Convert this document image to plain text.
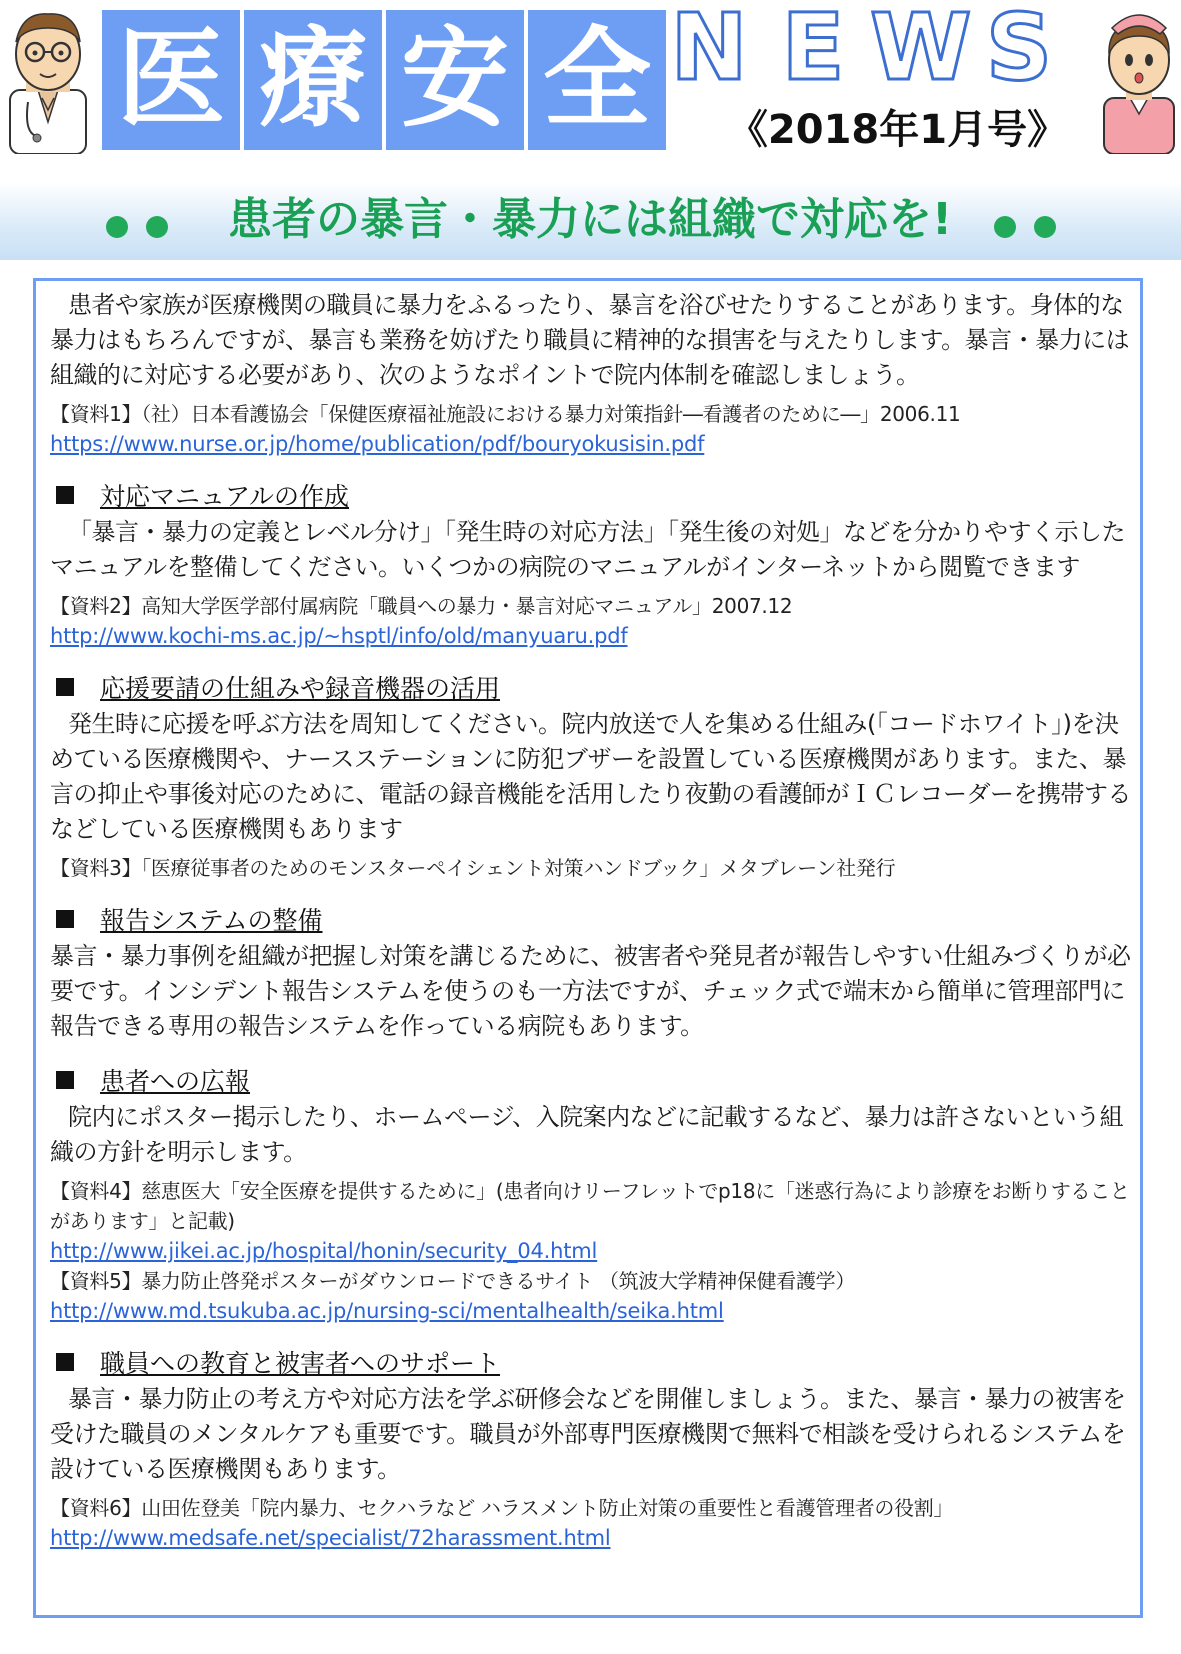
医 療 安 全 N E W S
《2018年1月号》
患者の暴言・暴力には組織で対応を!

患者や家族が医療機関の職員に暴力をふるったり、暴言を浴びせたりすることがあります。身体的な暴力はもちろんですが、暴言も業務を妨げたり職員に精神的な損害を与えたりします。暴言・暴力には組織的に対応する必要があり、次のようなポイントで院内体制を確認しましょう。

【資料1】（社）日本看護協会「保健医療福祉施設における暴力対策指針―看護者のために―」2006.11

https://www.nurse.or.jp/home/publication/pdf/bouryokusisin.pdf
対応マニュアルの作成

「暴言・暴力の定義とレベル分け」「発生時の対応方法」「発生後の対処」などを分かりやすく示したマニュアルを整備してください。いくつかの病院のマニュアルがインターネットから閲覧できます

【資料2】高知大学医学部付属病院「職員への暴力・暴言対応マニュアル」2007.12

http://www.kochi-ms.ac.jp/~hsptl/info/old/manyuaru.pdf
応援要請の仕組みや録音機器の活用

発生時に応援を呼ぶ方法を周知してください。院内放送で人を集める仕組み(「コードホワイト」)を決めている医療機関や、ナースステーションに防犯ブザーを設置している医療機関があります。また、暴言の抑止や事後対応のために、電話の録音機能を活用したり夜勤の看護師がＩＣレコーダーを携帯するなどしている医療機関もあります

【資料3】「医療従事者のためのモンスターペイシェント対策ハンドブック」メタブレーン社発行

報告システムの整備

暴言・暴力事例を組織が把握し対策を講じるために、被害者や発見者が報告しやすい仕組みづくりが必要です。インシデント報告システムを使うのも一方法ですが、チェック式で端末から簡単に管理部門に報告できる専用の報告システムを作っている病院もあります。

患者への広報

院内にポスター掲示したり、ホームページ、入院案内などに記載するなど、暴力は許さないという組織の方針を明示します。

【資料4】慈恵医大「安全医療を提供するために」(患者向けリーフレットでp18に「迷惑行為により診療をお断りすることがあります」と記載)

http://www.jikei.ac.jp/hospital/honin/security_04.html

【資料5】暴力防止啓発ポスターがダウンロードできるサイト （筑波大学精神保健看護学）

http://www.md.tsukuba.ac.jp/nursing-sci/mentalhealth/seika.html
職員への教育と被害者へのサポート

暴言・暴力防止の考え方や対応方法を学ぶ研修会などを開催しましょう。また、暴言・暴力の被害を受けた職員のメンタルケアも重要です。職員が外部専門医療機関で無料で相談を受けられるシステムを設けている医療機関もあります。

【資料6】山田佐登美「院内暴力、セクハラなど ハラスメント防止対策の重要性と看護管理者の役割」

http://www.medsafe.net/specialist/72harassment.html
